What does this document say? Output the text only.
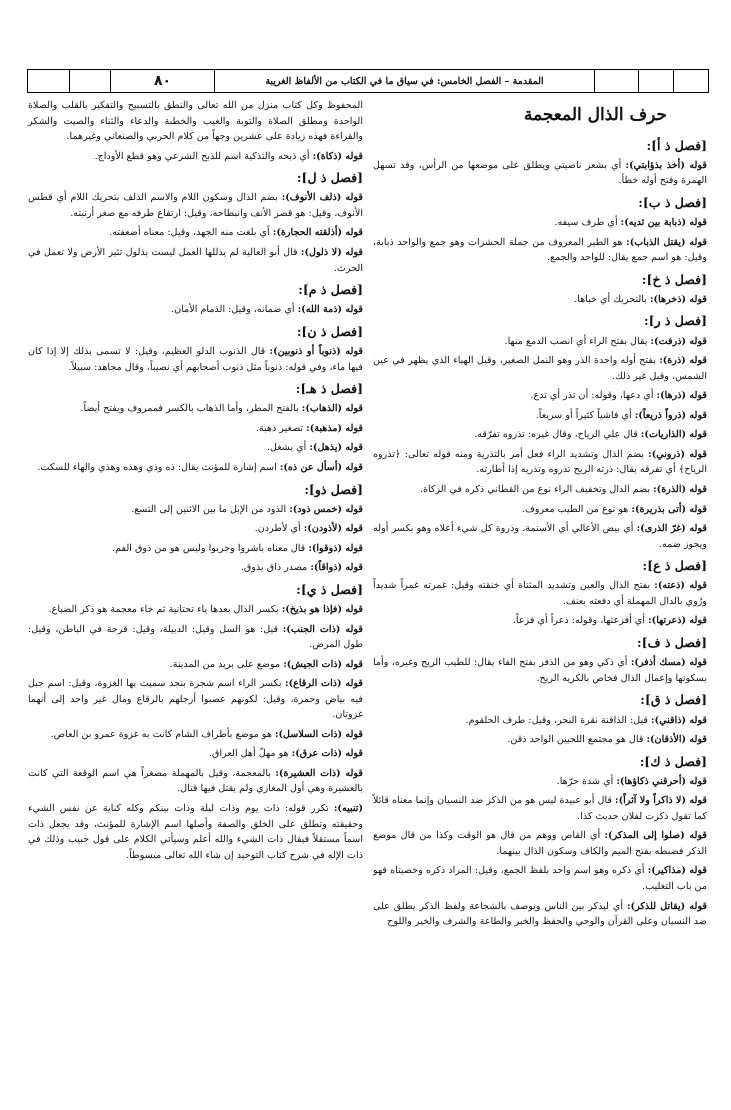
٨٠	المقدمة – الفصل الخامس: في سياق ما في الكتاب من الألفاظ الغريبة
حرف الذال المعجمة
[فصل ذ أ]:

قوله (أخذ بذؤابتي): أي بشعر ناصيتي ويطلق على موضعها من الرأس، وقد تسهل الهمزة وفتح أوله خطأ.

[فصل ذ ب]:

قوله (ذبابة بين ثديه): أي طرف سيفه.

قوله (يقتل الذباب): هو الطير المعروف من جملة الحشرات وهو جمع والواحد ذبابة، وقيل: هو اسم جمع يقال: للواحد والجمع.

[فصل ذ خ]:

قوله (ذخرها): بالتحريك أي خباها.

[فصل ذ ر]:

قوله (ذرفت): يقال بفتح الراء أي انصب الدمع منها.

قوله (ذرة): بفتح أوله واحدة الذر وهو النمل الصغير، وقيل الهباء الذي يظهر في عين الشمس، وقيل غير ذلك.

قوله (ذرها): أي دعها، وقوله: أن تذر أي تدع.

قوله (ذرواً ذريعاً): أي فاشياً كثيراً أو سريعاً.

قوله (الذاريات): قال علي الرياح، وقال غيره: تذروه تفرّقه.

قوله (ذروني): بضم الذال وتشديد الراء فعل أمر بالتذرية ومنه قوله تعالى: ﴿تذروه الرياح﴾ أي تفرقه يقال: ذرته الريح تذروه وتذريه إذا أطارته.

قوله (الذرة): بضم الذال وتخفيف الراء نوع من القطاني ذكره في الزكاة.

قوله (أتى بذريرة): هو نوع من الطيب معروف.

قوله (غرّ الذرى): أي بيض الأعالي أي الأسنمة، وذروة كل شيء أعلاه وهو بكسر أوله ويجوز ضمه.

[فصل ذ ع]:

قوله (ذعته): بفتح الذال والعين وتشديد المثناة أي خنقته وقيل: غمرته غمراً شديداً ورُوي بالدال المهملة أي دفعته بعنف.

قوله (ذعرتها): أي أفزعتها، وقوله: ذعراً أي فزعاً.

[فصل ذ ف]:

قوله (مسك أذفر): أي ذكي وهو من الذفر بفتح الفاء يقال: للطيب الريح وغيره، وأما بسكونها وإعمال الذال فخاص بالكريه الريح.

[فصل ذ ق]:

قوله (ذاقني): قيل: الذاقنة نقرة النحر، وقيل: طرف الحلقوم.

قوله (الأذقان): قال هو مجتمع اللحيين الواحد ذقن.

[فصل ذ ك]:

قوله (أحرقني ذكاؤها): أي شدة حرّها.

قوله (لا ذاكراً ولا آثراً): قال أبو عبيدة ليس هو من الذكر ضد النسيان وإنما معناه قائلاً كما تقول ذكرت لفلان حديث كذا.

قوله (صلوا إلى المذكر): أي القاص ووهم من قال هو الوقت وكذا من قال موضع الذكر فضبطه بفتح الميم والكاف وسكون الذال بينهما.

قوله (مذاكير): أي ذكره وهو اسم واحد بلفظ الجمع، وقيل: المراد ذكره وخصيتاه فهو من باب التغليب.

قوله (يقاتل للذكر): أي ليذكر بين الناس ويوصف بالشجاعة ولفظ الذكر يطلق على ضد النسيان وعلى القرآن والوحي والحفظ والخبر والطاعة والشرف والخير واللوح

المحفوظ وكل كتاب منزل من الله تعالى والنطق بالتسبيح والتفكير بالقلب والصلاة الواحدة ومطلق الصلاة والتوبة والغيب والخطبة والدعاء والثناء والصيت والشكر والقراءة فهذه زيادة على عشرين وجهاً من كلام الحربي والصنعاني وغيرهما.

قوله (ذكاة): أي ذبحه والتذكية اسم للذبح الشرعي وهو قطع الأوداج.

[فصل ذ ل]:

قوله (ذلف الأنوف): بضم الذال وسكون اللام والاسم الذلف بتحريك اللام أي قطس الأنوف، وقيل: هو قصر الأنف وانبطاحه، وقيل: ارتفاع طرفه مع صغر أرنبته.

قوله (أذلقته الحجارة): أي بلغت منه الجهد، وقيل: معناه أضعفته.

قوله (لا ذلول): قال أبو العالية لم يذللها العمل ليست بذلول تثير الأرض ولا تعمل في الحرث.

[فصل ذ م]:

قوله (ذمة الله): أي ضمانه، وقيل: الذمام الأمان.

[فصل ذ ن]:

قوله (ذنوباً أو ذنوبين): قال الذنوب الدلو العظيم، وقيل: لا تسمى بذلك إلا إذا كان فيها ماء، وفي قوله: ذنوباً مثل ذنوب أصحابهم أي نصيباً، وقال مجاهد: سبيلاً.

[فصل ذ هـ]:

قوله (الذهاب): بالفتح المطر، وأما الذهاب بالكسر فممروف ويفتح أيضاً.

قوله (مذهبة): تصغير ذهبة.

قوله (يذهل): أي يشغل.

قوله (أسأل عن ذه): اسم إشارة للمؤنث يقال: ذه وذي وهذه وهذي والهاء للسكت.

[فصل ذو]:

قوله (خمس ذود): الذود من الإبل ما بين الاثنين إلى التسع.

قوله (لأذودن): أي لأطردن.

قوله (ذوقوا): قال معناه باشروا وجربوا وليس هو من ذوق الفم.

قوله (ذواقاً): مصدر ذاق يذوق.

[فصل ذ ي]:

قوله (فإذا هو بذيخ): بكسر الذال بعدها ياء تحتانية ثم خاء معجمة هو ذكر الضباع.

قوله (ذات الجنب): قيل: هو السل وقيل: الدبيلة، وقيل: قرحة في الباطن، وقيل: طول المرض.

قوله (ذات الجيش): موضع على بريد من المدينة.

قوله (ذات الرقاع): بكسر الراء اسم شجرة بنجد سميت بها الغزوة، وقيل: اسم جبل فيه بياض وحمرة، وقيل: لكونهم عصبوا أرجلهم بالرقاع ومال غير واحد إلى أنهما غزوتان.

قوله (ذات السلاسل): هو موضع بأطراف الشام كانت به غزوة عمرو بن العاص.

قوله (ذات عرق): هو مهلّ أهل العراق.

قوله (ذات العشيرة): بالمعجمة، وقيل بالمهملة مصغراً هي اسم الوقعة التي كانت بالعشيرة وهي أول المغازي ولم يقتل فيها قتال.

(تنبيه): تكرر قوله: ذات يوم وذات ليلة وذات بينكم وكله كناية عن نفس الشيء وحقيقته وتطلق على الخلق والصفة وأصلها اسم الإشارة للمؤنث، وقد يجعل ذات اسماً مستقلاً فيقال ذات الشيء والله أعلم وسيأتي الكلام على قول خبيب وذلك في ذات الإله في شرح كتاب التوحيد إن شاء الله تعالى مبسوطاً.
